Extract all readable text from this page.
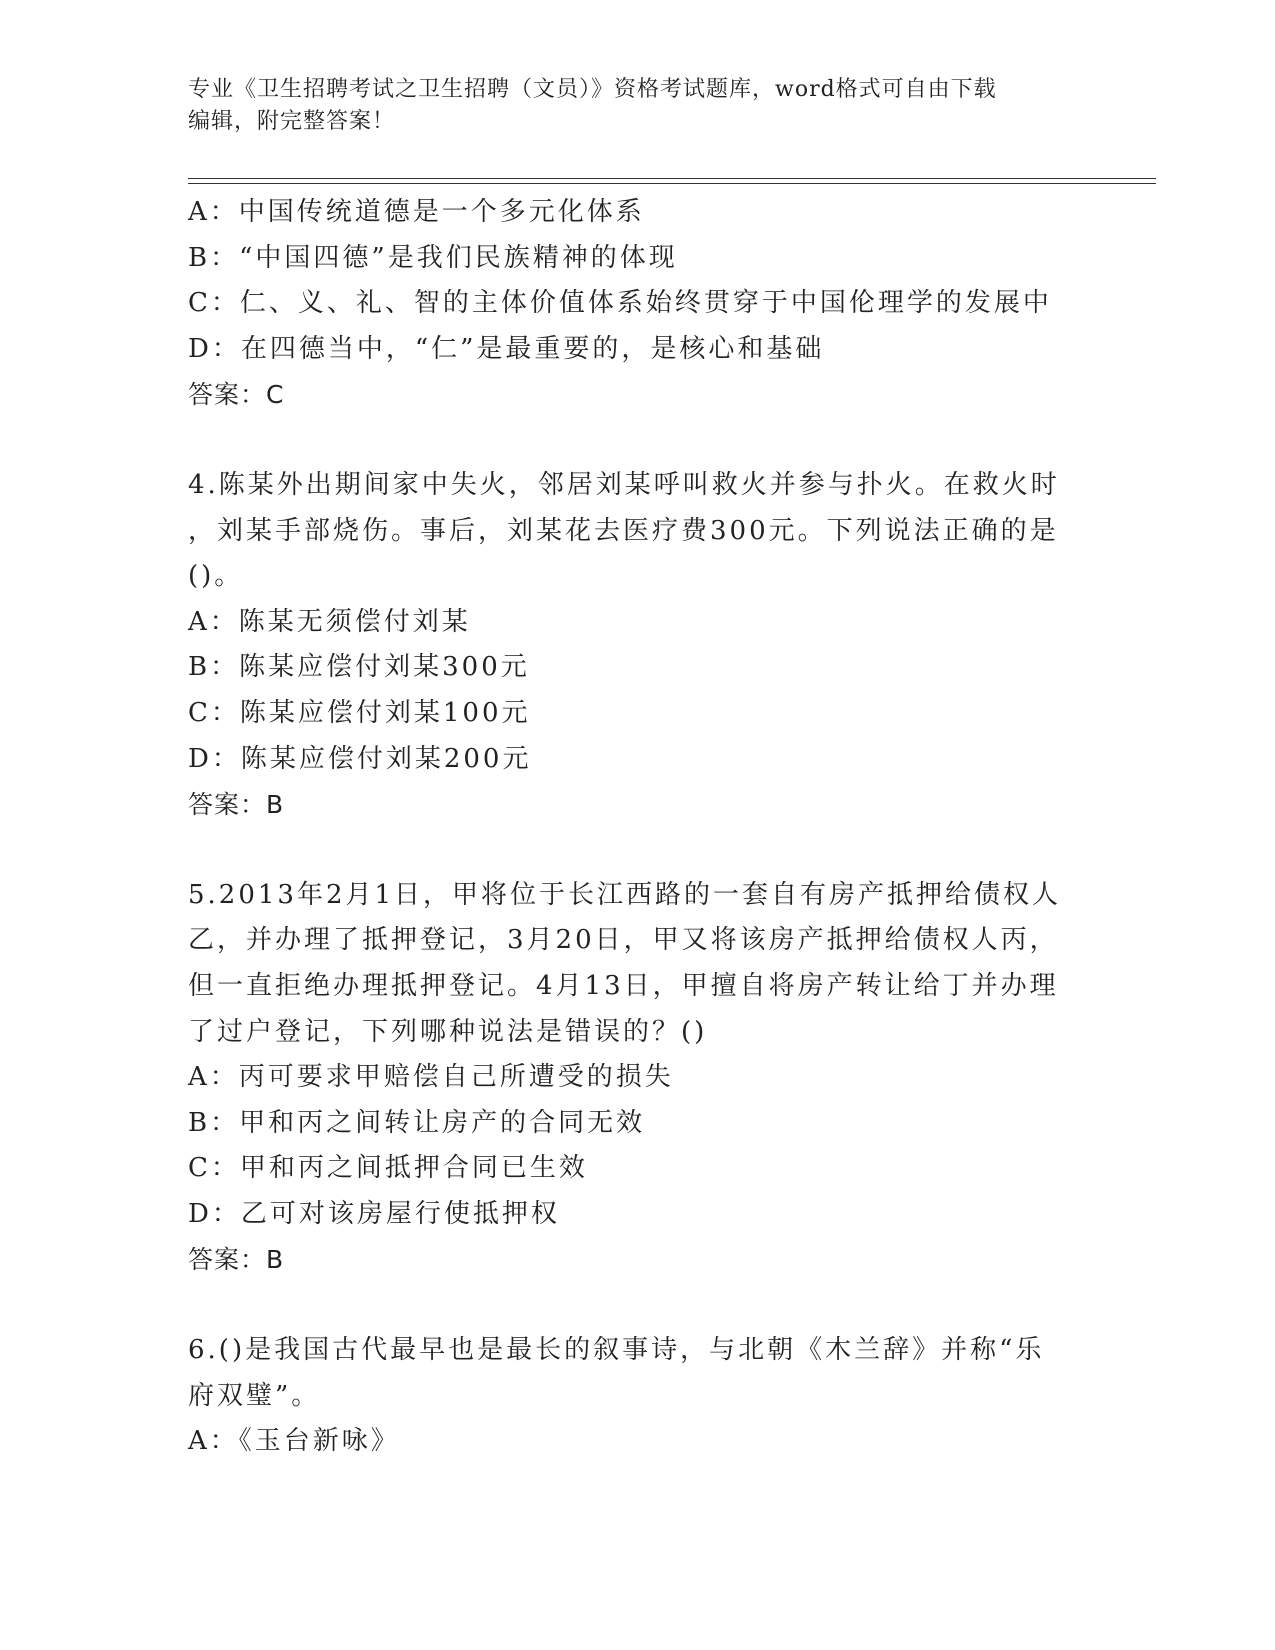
专业《卫生招聘考试之卫生招聘（文员）》资格考试题库，word格式可自由下载
编辑，附完整答案！
A：中国传统道德是一个多元化体系
B：“中国四德”是我们民族精神的体现
C：仁、义、礼、智的主体价值体系始终贯穿于中国伦理学的发展中
D：在四德当中，“仁”是最重要的，是核心和基础
答案：C
4.陈某外出期间家中失火，邻居刘某呼叫救火并参与扑火。在救火时
，刘某手部烧伤。事后，刘某花去医疗费300元。下列说法正确的是
()。
A：陈某无须偿付刘某
B：陈某应偿付刘某300元
C：陈某应偿付刘某100元
D：陈某应偿付刘某200元
答案：B
5.2013年2月1日，甲将位于长江西路的一套自有房产抵押给债权人
乙，并办理了抵押登记，3月20日，甲又将该房产抵押给债权人丙，
但一直拒绝办理抵押登记。4月13日，甲擅自将房产转让给丁并办理
了过户登记，下列哪种说法是错误的？()
A：丙可要求甲赔偿自己所遭受的损失
B：甲和丙之间转让房产的合同无效
C：甲和丙之间抵押合同已生效
D：乙可对该房屋行使抵押权
答案：B
6.()是我国古代最早也是最长的叙事诗，与北朝《木兰辞》并称“乐
府双璧”。
A：《玉台新咏》
